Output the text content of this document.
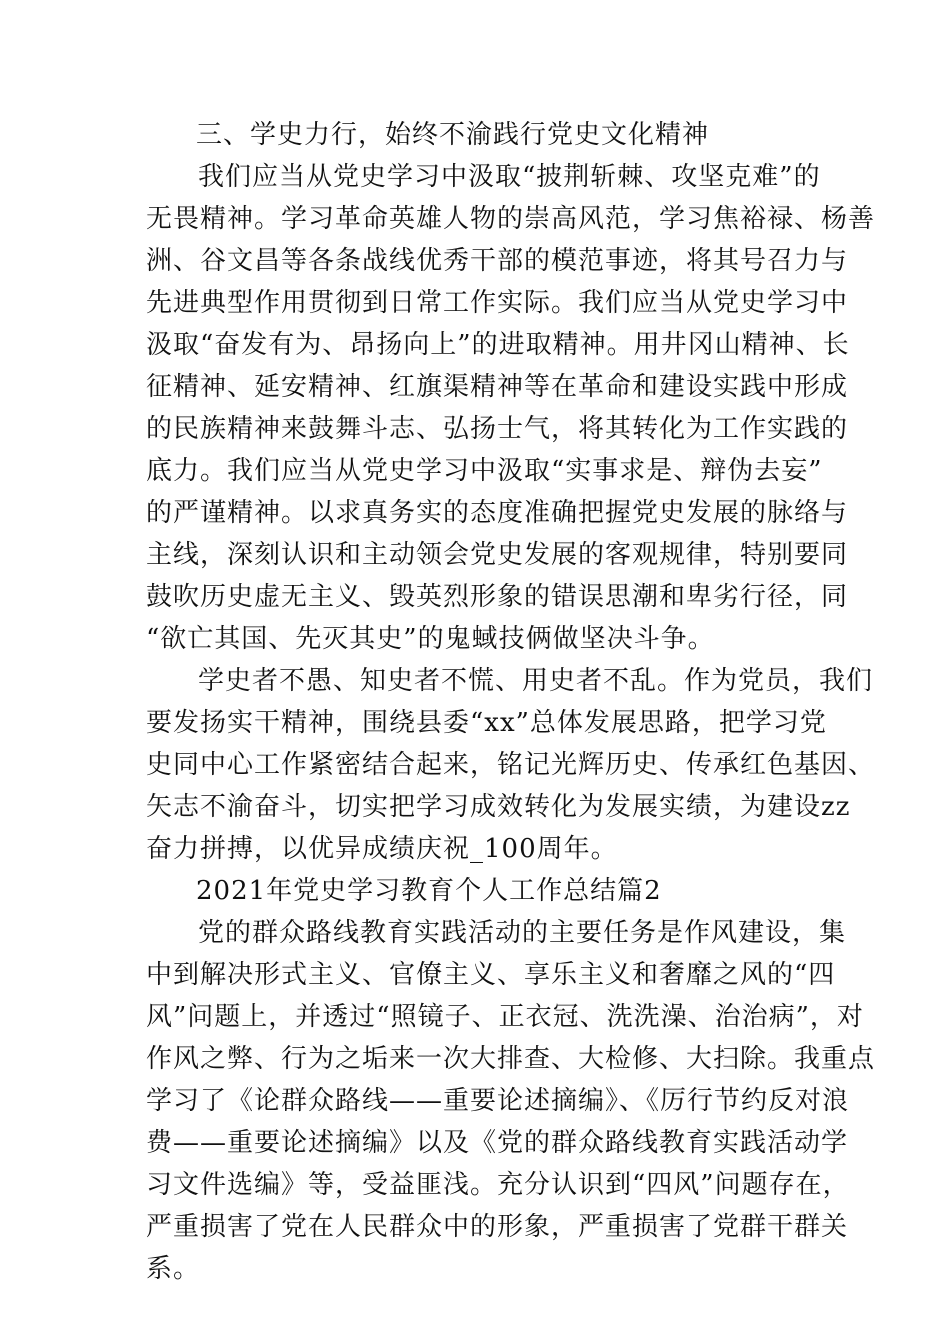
三、学史力行，始终不渝践行党史文化精神
我们应当从党史学习中汲取“披荆斩棘、攻坚克难”的
无畏精神。学习革命英雄人物的崇高风范，学习焦裕禄、杨善
洲、谷文昌等各条战线优秀干部的模范事迹，将其号召力与
先进典型作用贯彻到日常工作实际。我们应当从党史学习中
汲取“奋发有为、昂扬向上”的进取精神。用井冈山精神、长
征精神、延安精神、红旗渠精神等在革命和建设实践中形成
的民族精神来鼓舞斗志、弘扬士气，将其转化为工作实践的
底力。我们应当从党史学习中汲取“实事求是、辩伪去妄”
的严谨精神。以求真务实的态度准确把握党史发展的脉络与
主线，深刻认识和主动领会党史发展的客观规律，特别要同
鼓吹历史虚无主义、毁英烈形象的错误思潮和卑劣行径，同
“欲亡其国、先灭其史”的鬼蜮技俩做坚决斗争。
学史者不愚、知史者不慌、用史者不乱。作为党员，我们
要发扬实干精神，围绕县委“xx”总体发展思路，把学习党
史同中心工作紧密结合起来，铭记光辉历史、传承红色基因、
矢志不渝奋斗，切实把学习成效转化为发展实绩，为建设zz
奋力拼搏，以优异成绩庆祝_100周年。
2021年党史学习教育个人工作总结篇2
党的群众路线教育实践活动的主要任务是作风建设，集
中到解决形式主义、官僚主义、享乐主义和奢靡之风的“四
风”问题上，并透过“照镜子、正衣冠、洗洗澡、治治病”，对
作风之弊、行为之垢来一次大排查、大检修、大扫除。我重点
学习了《论群众路线——重要论述摘编》、《厉行节约反对浪
费——重要论述摘编》以及《党的群众路线教育实践活动学
习文件选编》等，受益匪浅。充分认识到“四风”问题存在，
严重损害了党在人民群众中的形象，严重损害了党群干群关
系。
